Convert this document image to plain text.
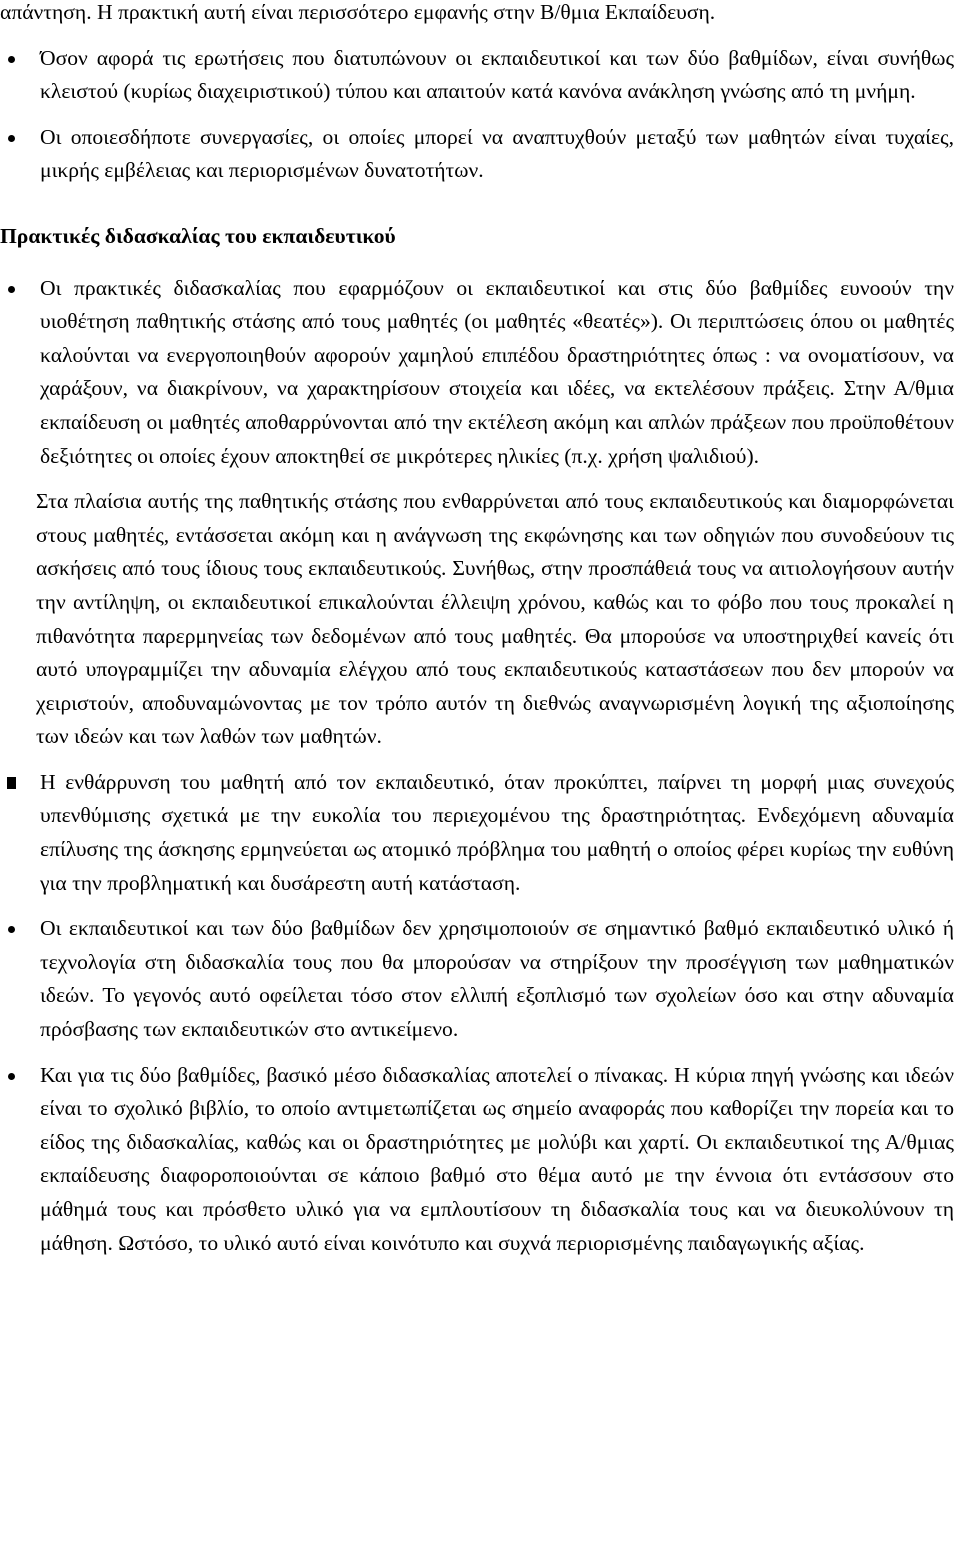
απάντηση. Η πρακτική αυτή είναι περισσότερο εμφανής στην Β/θμια Εκπαίδευση.

Όσον αφορά τις ερωτήσεις που διατυπώνουν οι εκπαιδευτικοί και των δύο βαθμίδων, είναι συνήθως κλειστού (κυρίως διαχειριστικού) τύπου και απαιτούν κατά κανόνα ανάκληση γνώσης από τη μνήμη.
Οι οποιεσδήποτε συνεργασίες, οι οποίες μπορεί να αναπτυχθούν μεταξύ των μαθητών είναι τυχαίες, μικρής εμβέλειας και περιορισμένων δυνατοτήτων.

Πρακτικές διδασκαλίας του εκπαιδευτικού

Οι πρακτικές διδασκαλίας που εφαρμόζουν οι εκπαιδευτικοί και στις δύο βαθμίδες ευνοούν την υιοθέτηση παθητικής στάσης από τους μαθητές (οι μαθητές «θεατές»). Οι περιπτώσεις όπου οι μαθητές καλούνται να ενεργοποιηθούν αφορούν χαμηλού επιπέδου δραστηριότητες όπως : να ονοματίσουν, να χαράξουν, να διακρίνουν, να χαρακτηρίσουν στοιχεία και ιδέες, να εκτελέσουν πράξεις. Στην Α/θμια εκπαίδευση οι μαθητές αποθαρρύνονται από την εκτέλεση ακόμη και απλών πράξεων που προϋποθέτουν δεξιότητες οι οποίες έχουν αποκτηθεί σε μικρότερες ηλικίες (π.χ. χρήση ψαλιδιού).

Στα πλαίσια αυτής της παθητικής στάσης που ενθαρρύνεται από τους εκπαιδευτικούς και διαμορφώνεται στους μαθητές, εντάσσεται ακόμη και η ανάγνωση της εκφώνησης και των οδηγιών που συνοδεύουν τις ασκήσεις από τους ίδιους τους εκπαιδευτικούς. Συνήθως, στην προσπάθειά τους να αιτιολογήσουν αυτήν την αντίληψη, οι εκπαιδευτικοί επικαλούνται έλλειψη χρόνου, καθώς και το φόβο που τους προκαλεί η πιθανότητα παρερμηνείας των δεδομένων από τους μαθητές. Θα μπορούσε να υποστηριχθεί κανείς ότι αυτό υπογραμμίζει την αδυναμία ελέγχου από τους εκπαιδευτικούς καταστάσεων που δεν μπορούν να χειριστούν, αποδυναμώνοντας με τον τρόπο αυτόν τη διεθνώς αναγνωρισμένη λογική της αξιοποίησης των ιδεών και των λαθών των μαθητών.

Η ενθάρρυνση του μαθητή από τον εκπαιδευτικό, όταν προκύπτει, παίρνει τη μορφή μιας συνεχούς υπενθύμισης σχετικά με την ευκολία του περιεχομένου της δραστηριότητας. Ενδεχόμενη αδυναμία επίλυσης της άσκησης ερμηνεύεται ως ατομικό πρόβλημα του μαθητή ο οποίος φέρει κυρίως την ευθύνη για την προβληματική και δυσάρεστη αυτή κατάσταση.
Οι εκπαιδευτικοί και των δύο βαθμίδων δεν χρησιμοποιούν σε σημαντικό βαθμό εκπαιδευτικό υλικό ή τεχνολογία στη διδασκαλία τους που θα μπορούσαν να στηρίξουν την προσέγγιση των μαθηματικών ιδεών. Το γεγονός αυτό οφείλεται τόσο στον ελλιπή εξοπλισμό των σχολείων όσο και στην αδυναμία πρόσβασης των εκπαιδευτικών στο αντικείμενο.
Και για τις δύο βαθμίδες, βασικό μέσο διδασκαλίας αποτελεί ο πίνακας. Η κύρια πηγή γνώσης και ιδεών είναι το σχολικό βιβλίο, το οποίο αντιμετωπίζεται ως σημείο αναφοράς που καθορίζει την πορεία και το είδος της διδασκαλίας, καθώς και οι δραστηριότητες με μολύβι και χαρτί. Οι εκπαιδευτικοί της Α/θμιας εκπαίδευσης διαφοροποιούνται σε κάποιο βαθμό στο θέμα αυτό με την έννοια ότι εντάσσουν στο μάθημά τους και πρόσθετο υλικό για να εμπλουτίσουν τη διδασκαλία τους και να διευκολύνουν τη μάθηση. Ωστόσο, το υλικό αυτό είναι κοινότυπο και συχνά περιορισμένης παιδαγωγικής αξίας.
